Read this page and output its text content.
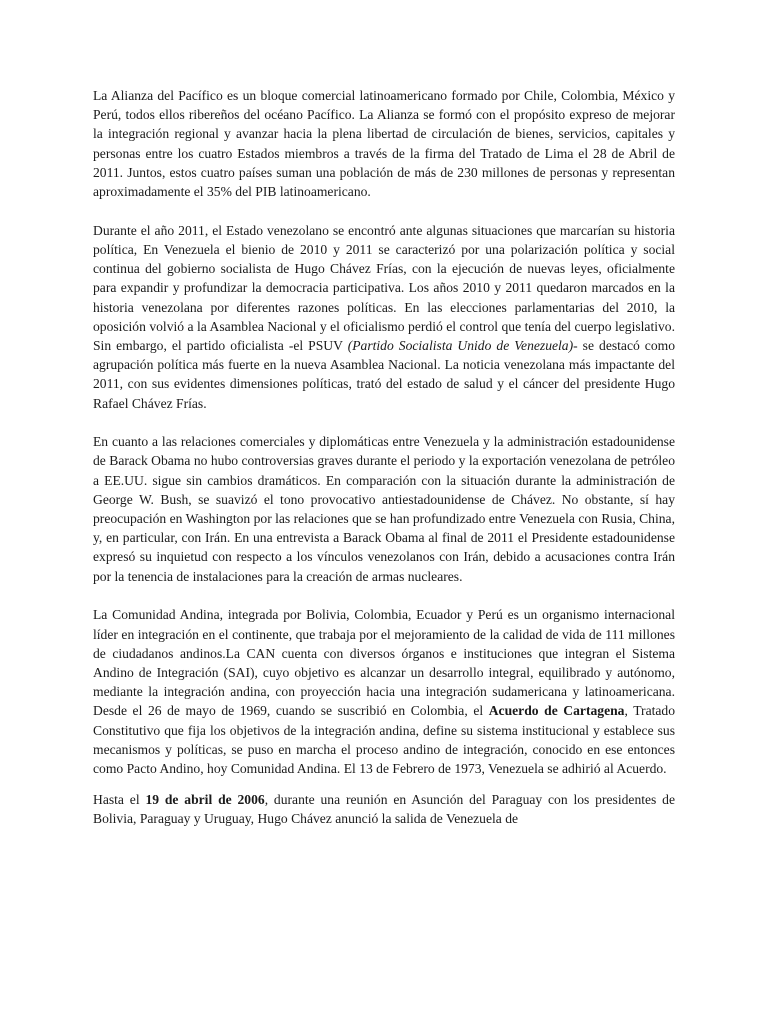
La Alianza del Pacífico es un bloque comercial latinoamericano formado por Chile, Colombia, México y Perú, todos ellos ribereños del océano Pacífico. La Alianza se formó con el propósito expreso de mejorar la integración regional y avanzar hacia la plena libertad de circulación de bienes, servicios, capitales y personas entre los cuatro Estados miembros a través de la firma del Tratado de Lima el 28 de Abril de 2011. Juntos, estos cuatro países suman una población de más de 230 millones de personas y representan aproximadamente el 35% del PIB latinoamericano.

Durante el año 2011, el Estado venezolano se encontró ante algunas situaciones que marcarían su historia política, En Venezuela el bienio de 2010 y 2011 se caracterizó por una polarización política y social continua del gobierno socialista de Hugo Chávez Frías, con la ejecución de nuevas leyes, oficialmente para expandir y profundizar la democracia participativa. Los años 2010 y 2011 quedaron marcados en la historia venezolana por diferentes razones políticas. En las elecciones parlamentarias del 2010, la oposición volvió a la Asamblea Nacional y el oficialismo perdió el control que tenía del cuerpo legislativo. Sin embargo, el partido oficialista -el PSUV (Partido Socialista Unido de Venezuela)- se destacó como agrupación política más fuerte en la nueva Asamblea Nacional. La noticia venezolana más impactante del 2011, con sus evidentes dimensiones políticas, trató del estado de salud y el cáncer del presidente Hugo Rafael Chávez Frías.

En cuanto a las relaciones comerciales y diplomáticas entre Venezuela y la administración estadounidense de Barack Obama no hubo controversias graves durante el periodo y la exportación venezolana de petróleo a EE.UU. sigue sin cambios dramáticos. En comparación con la situación durante la administración de George W. Bush, se suavizó el tono provocativo antiestadounidense de Chávez. No obstante, sí hay preocupación en Washington por las relaciones que se han profundizado entre Venezuela con Rusia, China, y, en particular, con Irán. En una entrevista a Barack Obama al final de 2011 el Presidente estadounidense expresó su inquietud con respecto a los vínculos venezolanos con Irán, debido a acusaciones contra Irán por la tenencia de instalaciones para la creación de armas nucleares.

La Comunidad Andina, integrada por Bolivia, Colombia, Ecuador y Perú es un organismo internacional líder en integración en el continente, que trabaja por el mejoramiento de la calidad de vida de 111 millones de ciudadanos andinos.La CAN cuenta con diversos órganos e instituciones que integran el Sistema Andino de Integración (SAI), cuyo objetivo es alcanzar un desarrollo integral, equilibrado y autónomo, mediante la integración andina, con proyección hacia una integración sudamericana y latinoamericana. Desde el 26 de mayo de 1969, cuando se suscribió en Colombia, el Acuerdo de Cartagena, Tratado Constitutivo que fija los objetivos de la integración andina, define su sistema institucional y establece sus mecanismos y políticas, se puso en marcha el proceso andino de integración, conocido en ese entonces como Pacto Andino, hoy Comunidad Andina. El 13 de Febrero de 1973, Venezuela se adhirió al Acuerdo.

Hasta el 19 de abril de 2006, durante una reunión en Asunción del Paraguay con los presidentes de Bolivia, Paraguay y Uruguay, Hugo Chávez anunció la salida de Venezuela de
